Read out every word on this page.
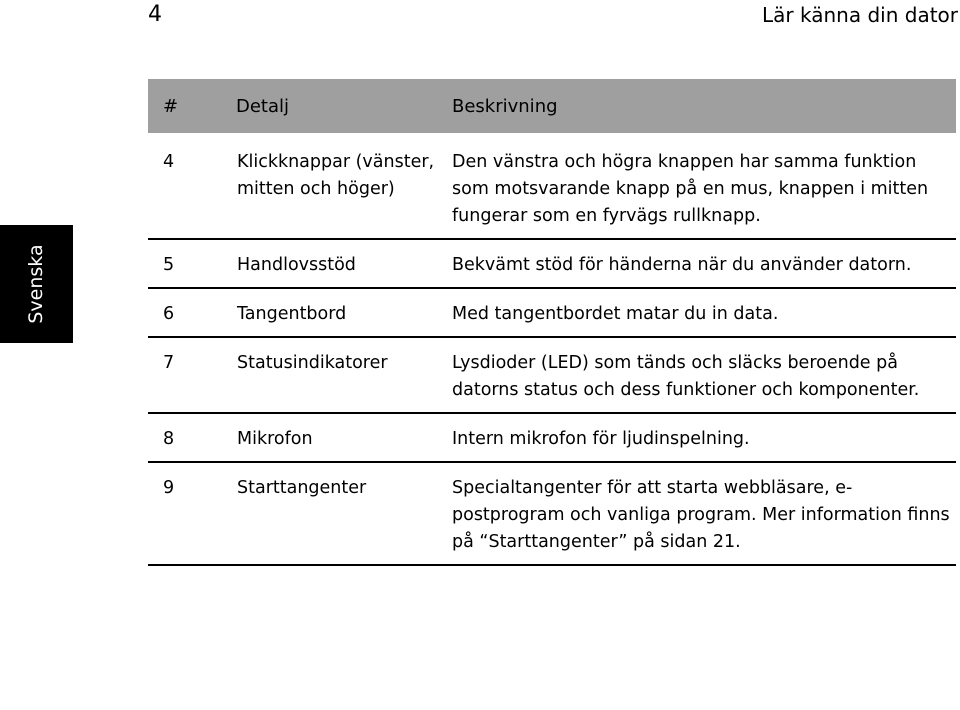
4	Lär känna din dator
Svenska
#	Detalj	Beskrivning
4	Klickknappar (vänster, mitten och höger)	Den vänstra och högra knappen har samma funktion som motsvarande knapp på en mus, knappen i mitten fungerar som en fyrvägs rullknapp.
5	Handlovsstöd	Bekvämt stöd för händerna när du använder datorn.
6	Tangentbord	Med tangentbordet matar du in data.
7	Statusindikatorer	Lysdioder (LED) som tänds och släcks beroende på datorns status och dess funktioner och komponenter.
8	Mikrofon	Intern mikrofon för ljudinspelning.
9	Starttangenter	Specialtangenter för att starta webbläsare, e-postprogram och vanliga program. Mer information finns på “Starttangenter” på sidan 21.
